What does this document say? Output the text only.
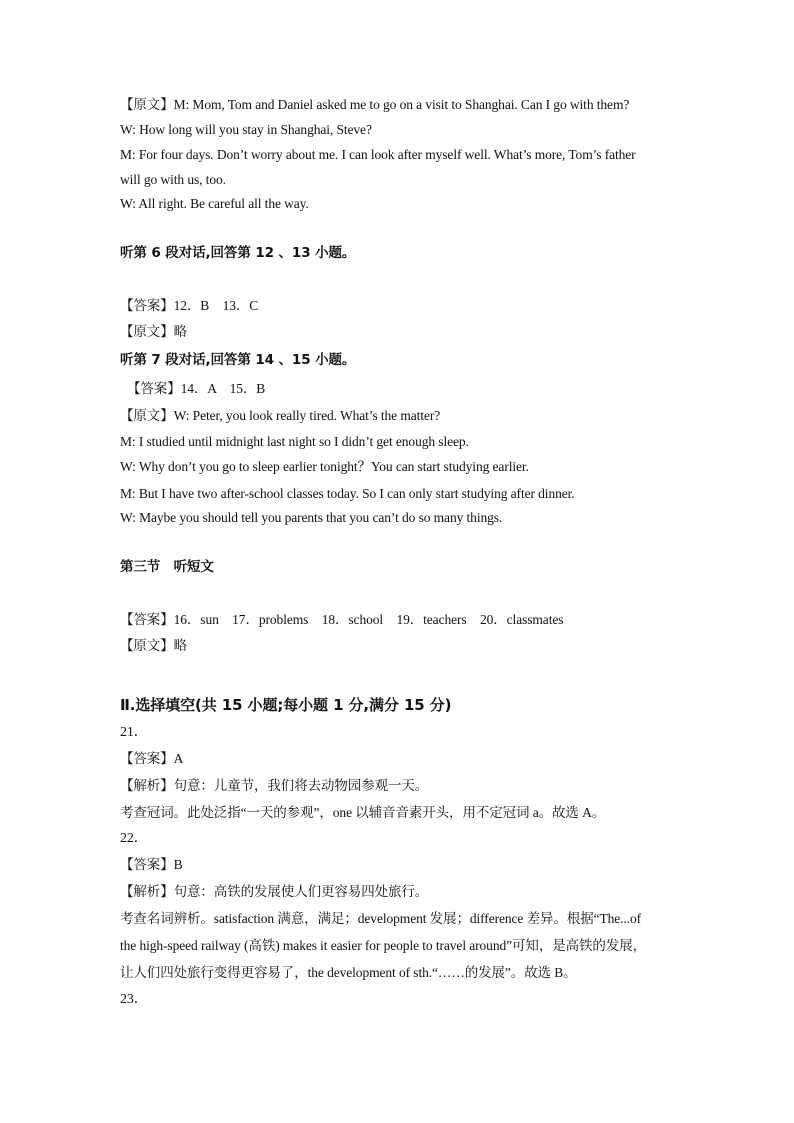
【原文】M: Mom, Tom and Daniel asked me to go on a visit to Shanghai. Can I go with them?
W: How long will you stay in Shanghai, Steve?
M: For four days. Don’t worry about me. I can look after myself well. What’s more, Tom’s father
will go with us, too.
W: All right. Be careful all the way.
听第 6 段对话,回答第 12 、13 小题。
【答案】12．B　13．C
【原文】略
听第 7 段对话,回答第 14 、15 小题。
【答案】14．A　15．B
【原文】W: Peter, you look really tired. What’s the matter?
M: I studied until midnight last night so I didn’t get enough sleep.
W: Why don’t you go to sleep earlier tonight？You can start studying earlier.
M: But I have two after-school classes today. So I can only start studying after dinner.
W: Maybe you should tell you parents that you can’t do so many things.
第三节　听短文
【答案】16．sun　17．problems　18．school　19．teachers　20．classmates
【原文】略
Ⅱ.选择填空(共 15 小题;每小题 1 分,满分 15 分)
21．
【答案】A
【解析】句意：儿童节，我们将去动物园参观一天。
考查冠词。此处泛指“一天的参观”，one 以辅音音素开头，用不定冠词 a。故选 A。
22．
【答案】B
【解析】句意：高铁的发展使人们更容易四处旅行。
考查名词辨析。satisfaction 满意，满足；development 发展；difference 差异。根据“The...of
the high-speed railway (高铁) makes it easier for people to travel around”可知，是高铁的发展，
让人们四处旅行变得更容易了，the development of sth.“……的发展”。故选 B。
23．
